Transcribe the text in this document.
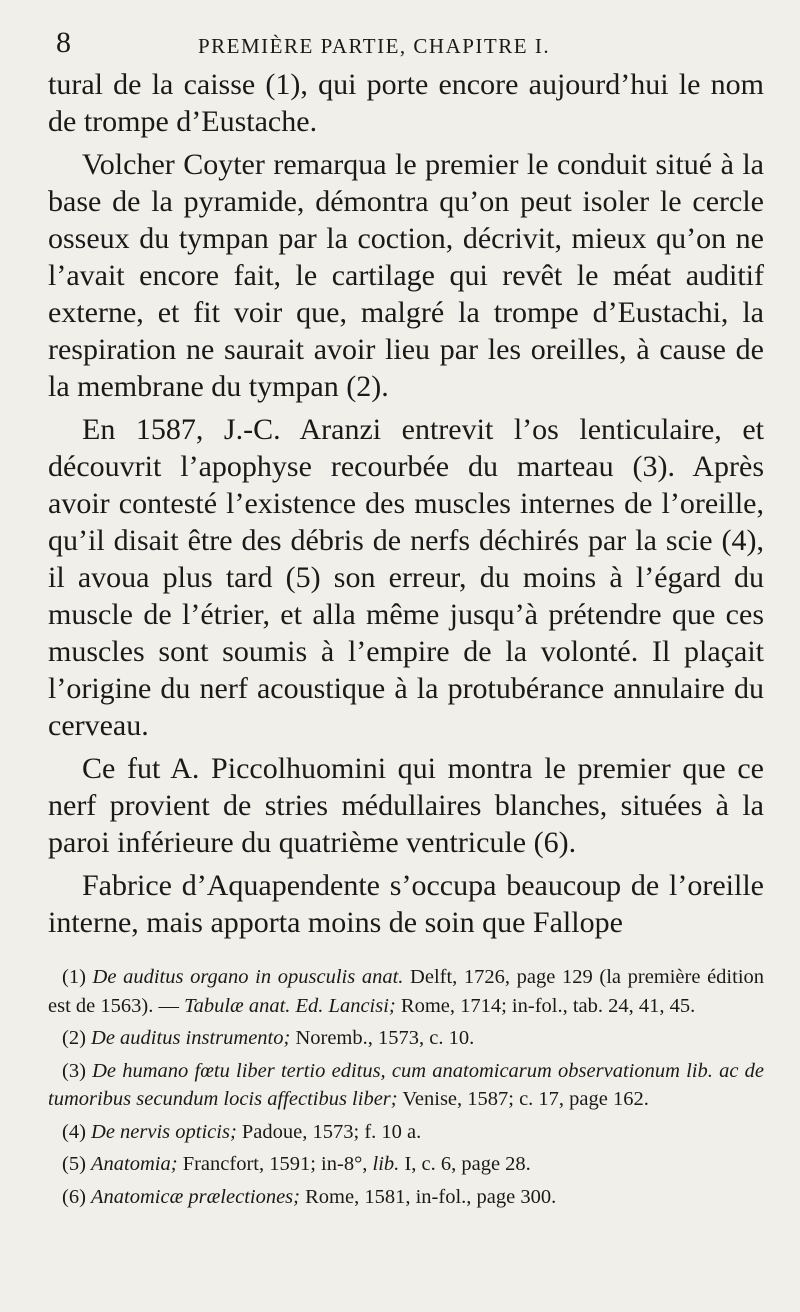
8	PREMIÈRE PARTIE, CHAPITRE I.

tural de la caisse (1), qui porte encore aujourd’hui le nom de trompe d’Eustache.

Volcher Coyter remarqua le premier le conduit situé à la base de la pyramide, démontra qu’on peut isoler le cercle osseux du tympan par la coction, décrivit, mieux qu’on ne l’avait encore fait, le cartilage qui revêt le méat auditif externe, et fit voir que, malgré la trompe d’Eustachi, la respiration ne saurait avoir lieu par les oreilles, à cause de la membrane du tympan (2).

En 1587, J.-C. Aranzi entrevit l’os lenticulaire, et découvrit l’apophyse recourbée du marteau (3). Après avoir contesté l’existence des muscles internes de l’oreille, qu’il disait être des débris de nerfs déchirés par la scie (4), il avoua plus tard (5) son erreur, du moins à l’égard du muscle de l’étrier, et alla même jusqu’à prétendre que ces muscles sont soumis à l’empire de la volonté. Il plaçait l’origine du nerf acoustique à la protubérance annulaire du cerveau.

Ce fut A. Piccolhuomini qui montra le premier que ce nerf provient de stries médullaires blanches, situées à la paroi inférieure du quatrième ventricule (6).

Fabrice d’Aquapendente s’occupa beaucoup de l’oreille interne, mais apporta moins de soin que Fallope

(1) De auditus organo in opusculis anat. Delft, 1726, page 129 (la première édition est de 1563). — Tabulæ anat. Ed. Lancisi; Rome, 1714; in-fol., tab. 24, 41, 45.

(2) De auditus instrumento; Noremb., 1573, c. 10.

(3) De humano fœtu liber tertio editus, cum anatomicarum observationum lib. ac de tumoribus secundum locis affectibus liber; Venise, 1587; c. 17, page 162.

(4) De nervis opticis; Padoue, 1573; f. 10 a.

(5) Anatomia; Francfort, 1591; in-8°, lib. I, c. 6, page 28.

(6) Anatomicæ prælectiones; Rome, 1581, in-fol., page 300.
